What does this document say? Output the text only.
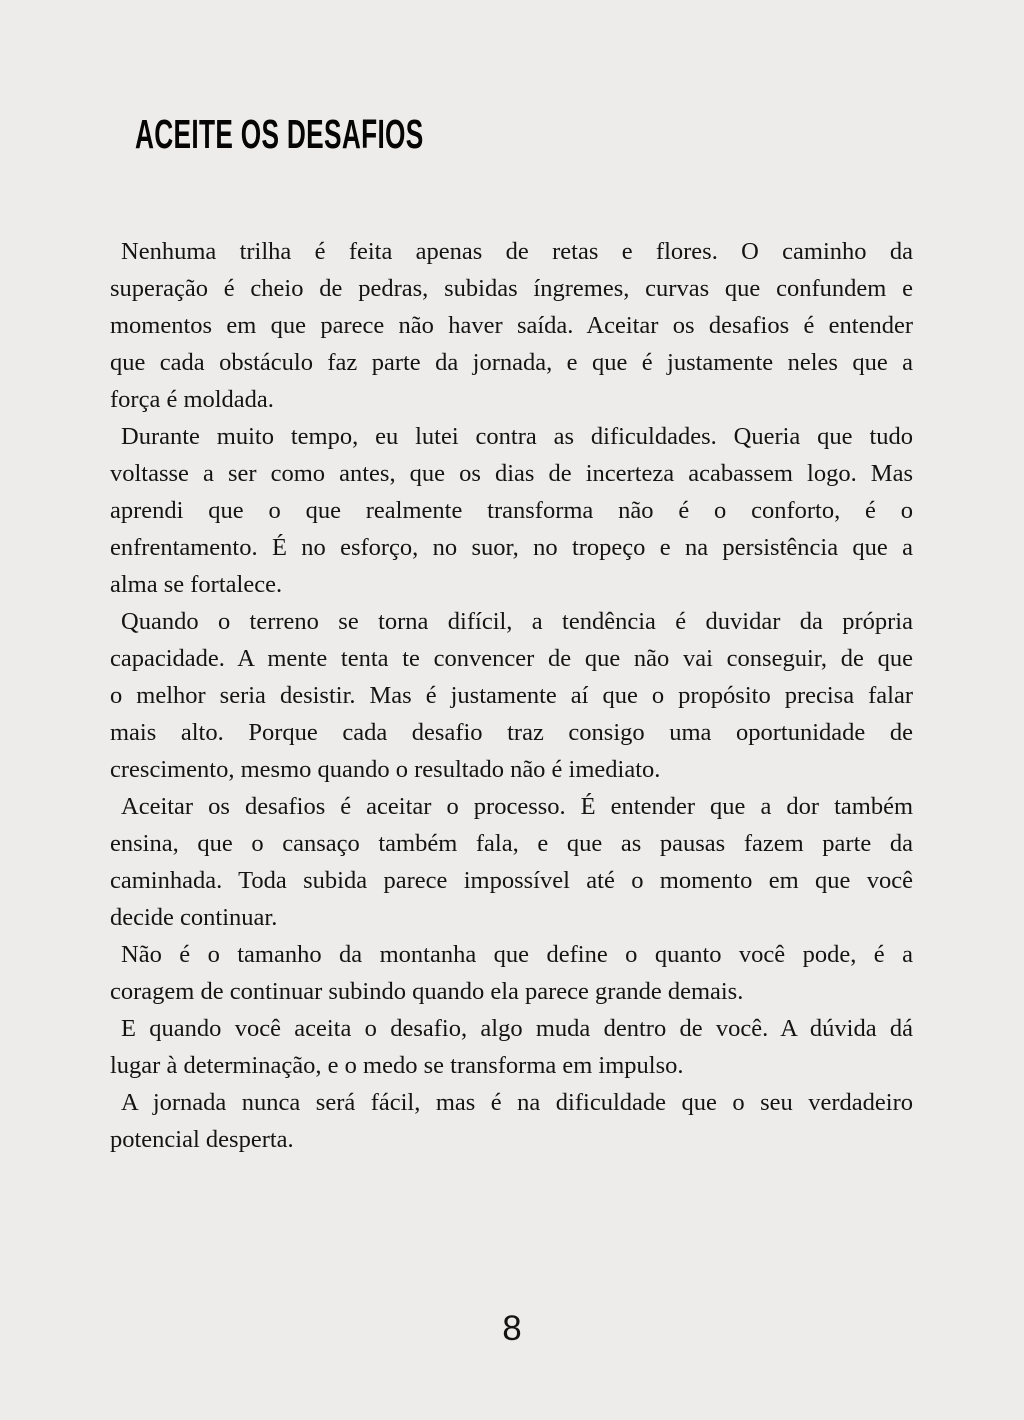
ACEITE OS DESAFIOS
Nenhuma trilha é feita apenas de retas e flores. O caminho da
superação é cheio de pedras, subidas íngremes, curvas que confundem e
momentos em que parece não haver saída. Aceitar os desafios é entender
que cada obstáculo faz parte da jornada, e que é justamente neles que a
força é moldada.
Durante muito tempo, eu lutei contra as dificuldades. Queria que tudo
voltasse a ser como antes, que os dias de incerteza acabassem logo. Mas
aprendi que o que realmente transforma não é o conforto, é o
enfrentamento. É no esforço, no suor, no tropeço e na persistência que a
alma se fortalece.
Quando o terreno se torna difícil, a tendência é duvidar da própria
capacidade. A mente tenta te convencer de que não vai conseguir, de que
o melhor seria desistir. Mas é justamente aí que o propósito precisa falar
mais alto. Porque cada desafio traz consigo uma oportunidade de
crescimento, mesmo quando o resultado não é imediato.
Aceitar os desafios é aceitar o processo. É entender que a dor também
ensina, que o cansaço também fala, e que as pausas fazem parte da
caminhada. Toda subida parece impossível até o momento em que você
decide continuar.
Não é o tamanho da montanha que define o quanto você pode, é a
coragem de continuar subindo quando ela parece grande demais.
E quando você aceita o desafio, algo muda dentro de você. A dúvida dá
lugar à determinação, e o medo se transforma em impulso.
A jornada nunca será fácil, mas é na dificuldade que o seu verdadeiro
potencial desperta.
8
